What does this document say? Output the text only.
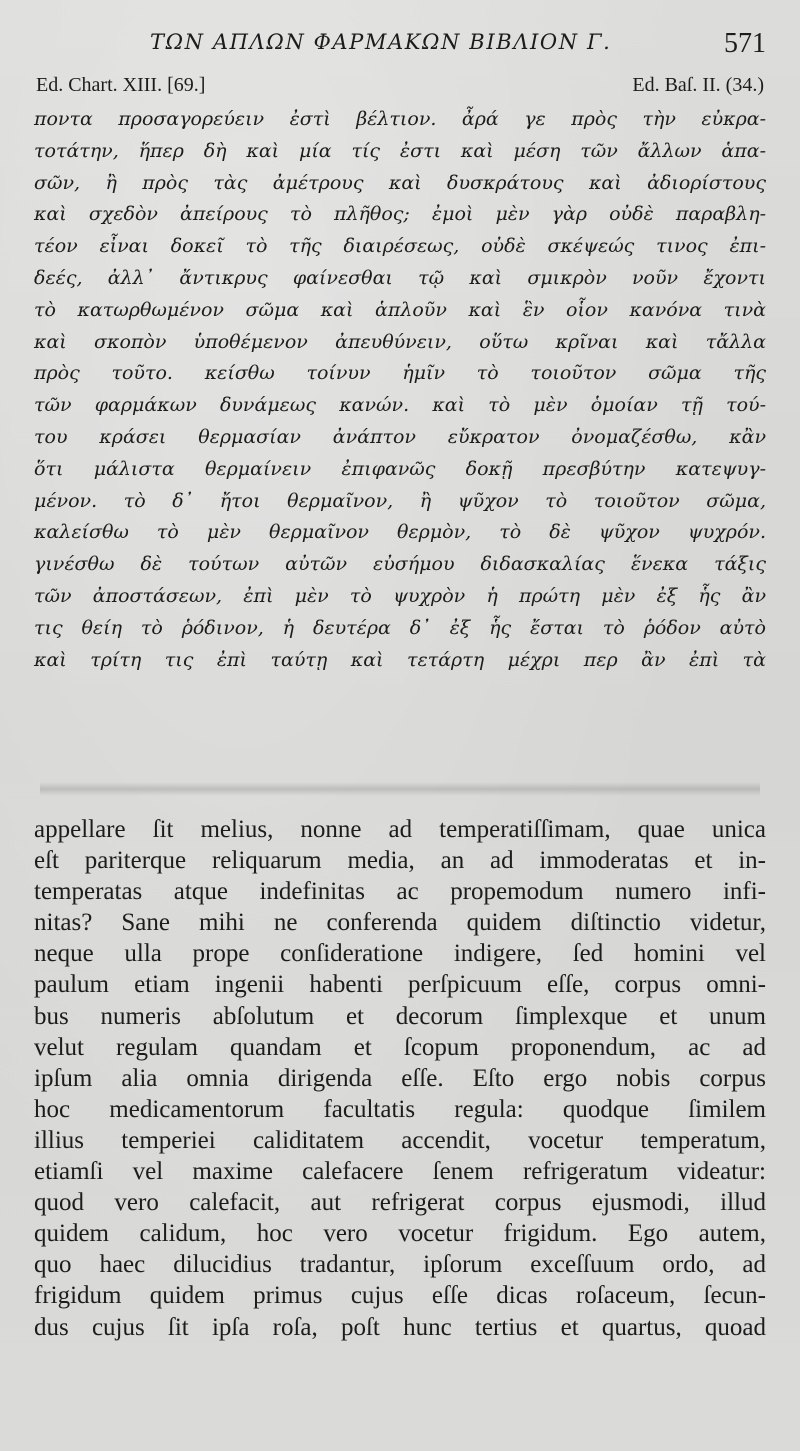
ΤΩΝ ΑΠΛΩΝ ΦΑΡΜΑΚΩΝ ΒΙΒΛΙΟΝ Γ.	571
Ed. Chart. XIII. [69.]	Ed. Baſ. II. (34.)
ποντα προσαγορεύειν ἐστὶ βέλτιον. ἆρά γε πρὸς τὴν εὐκρα-
τοτάτην, ἥπερ δὴ καὶ μία τίς ἐστι καὶ μέση τῶν ἄλλων ἁπα-
σῶν, ἢ πρὸς τὰς ἀμέτρους καὶ δυσκράτους καὶ ἀδιορίστους
καὶ σχεδὸν ἀπείρους τὸ πλῆθος; ἐμοὶ μὲν γὰρ οὐδὲ παραβλη-
τέον εἶναι δοκεῖ τὸ τῆς διαιρέσεως, οὐδὲ σκέψεώς τινος ἐπι-
δεές, ἀλλ᾽ ἄντικρυς φαίνεσθαι τῷ καὶ σμικρὸν νοῦν ἔχοντι
τὸ κατωρθωμένον σῶμα καὶ ἁπλοῦν καὶ ἓν οἷον κανόνα τινὰ
καὶ σκοπὸν ὑποθέμενον ἀπευθύνειν, οὕτω κρῖναι καὶ τἄλλα
πρὸς τοῦτο. κείσθω τοίνυν ἡμῖν τὸ τοιοῦτον σῶμα τῆς
τῶν φαρμάκων δυνάμεως κανών. καὶ τὸ μὲν ὁμοίαν τῇ τού-
του κράσει θερμασίαν ἀνάπτον εὔκρατον ὀνομαζέσθω, κἂν
ὅτι μάλιστα θερμαίνειν ἐπιφανῶς δοκῇ πρεσβύτην κατεψυγ-
μένον. τὸ δ᾽ ἤτοι θερμαῖνον, ἢ ψῦχον τὸ τοιοῦτον σῶμα,
καλείσθω τὸ μὲν θερμαῖνον θερμὸν, τὸ δὲ ψῦχον ψυχρόν.
γινέσθω δὲ τούτων αὐτῶν εὐσήμου διδασκαλίας ἕνεκα τάξις
τῶν ἀποστάσεων, ἐπὶ μὲν τὸ ψυχρὸν ἡ πρώτη μὲν ἐξ ἧς ἂν
τις θείη τὸ ῥόδινον, ἡ δευτέρα δ᾽ ἐξ ἧς ἔσται τὸ ῥόδον αὐτὸ
καὶ τρίτη τις ἐπὶ ταύτῃ καὶ τετάρτη μέχρι περ ἂν ἐπὶ τὰ
appellare ſit melius, nonne ad temperatiſſimam, quae unica
eſt pariterque reliquarum media, an ad immoderatas et in-
temperatas atque indefinitas ac propemodum numero infi-
nitas? Sane mihi ne conferenda quidem diſtinctio videtur,
neque ulla prope conſideratione indigere, ſed homini vel
paulum etiam ingenii habenti perſpicuum eſſe, corpus omni-
bus numeris abſolutum et decorum ſimplexque et unum
velut regulam quandam et ſcopum proponendum, ac ad
ipſum alia omnia dirigenda eſſe. Eſto ergo nobis corpus
hoc medicamentorum facultatis regula: quodque ſimilem
illius temperiei caliditatem accendit, vocetur temperatum,
etiamſi vel maxime calefacere ſenem refrigeratum videatur:
quod vero calefacit, aut refrigerat corpus ejusmodi, illud
quidem calidum, hoc vero vocetur frigidum. Ego autem,
quo haec dilucidius tradantur, ipſorum exceſſuum ordo, ad
frigidum quidem primus cujus eſſe dicas roſaceum, ſecun-
dus cujus ſit ipſa roſa, poſt hunc tertius et quartus, quoad
